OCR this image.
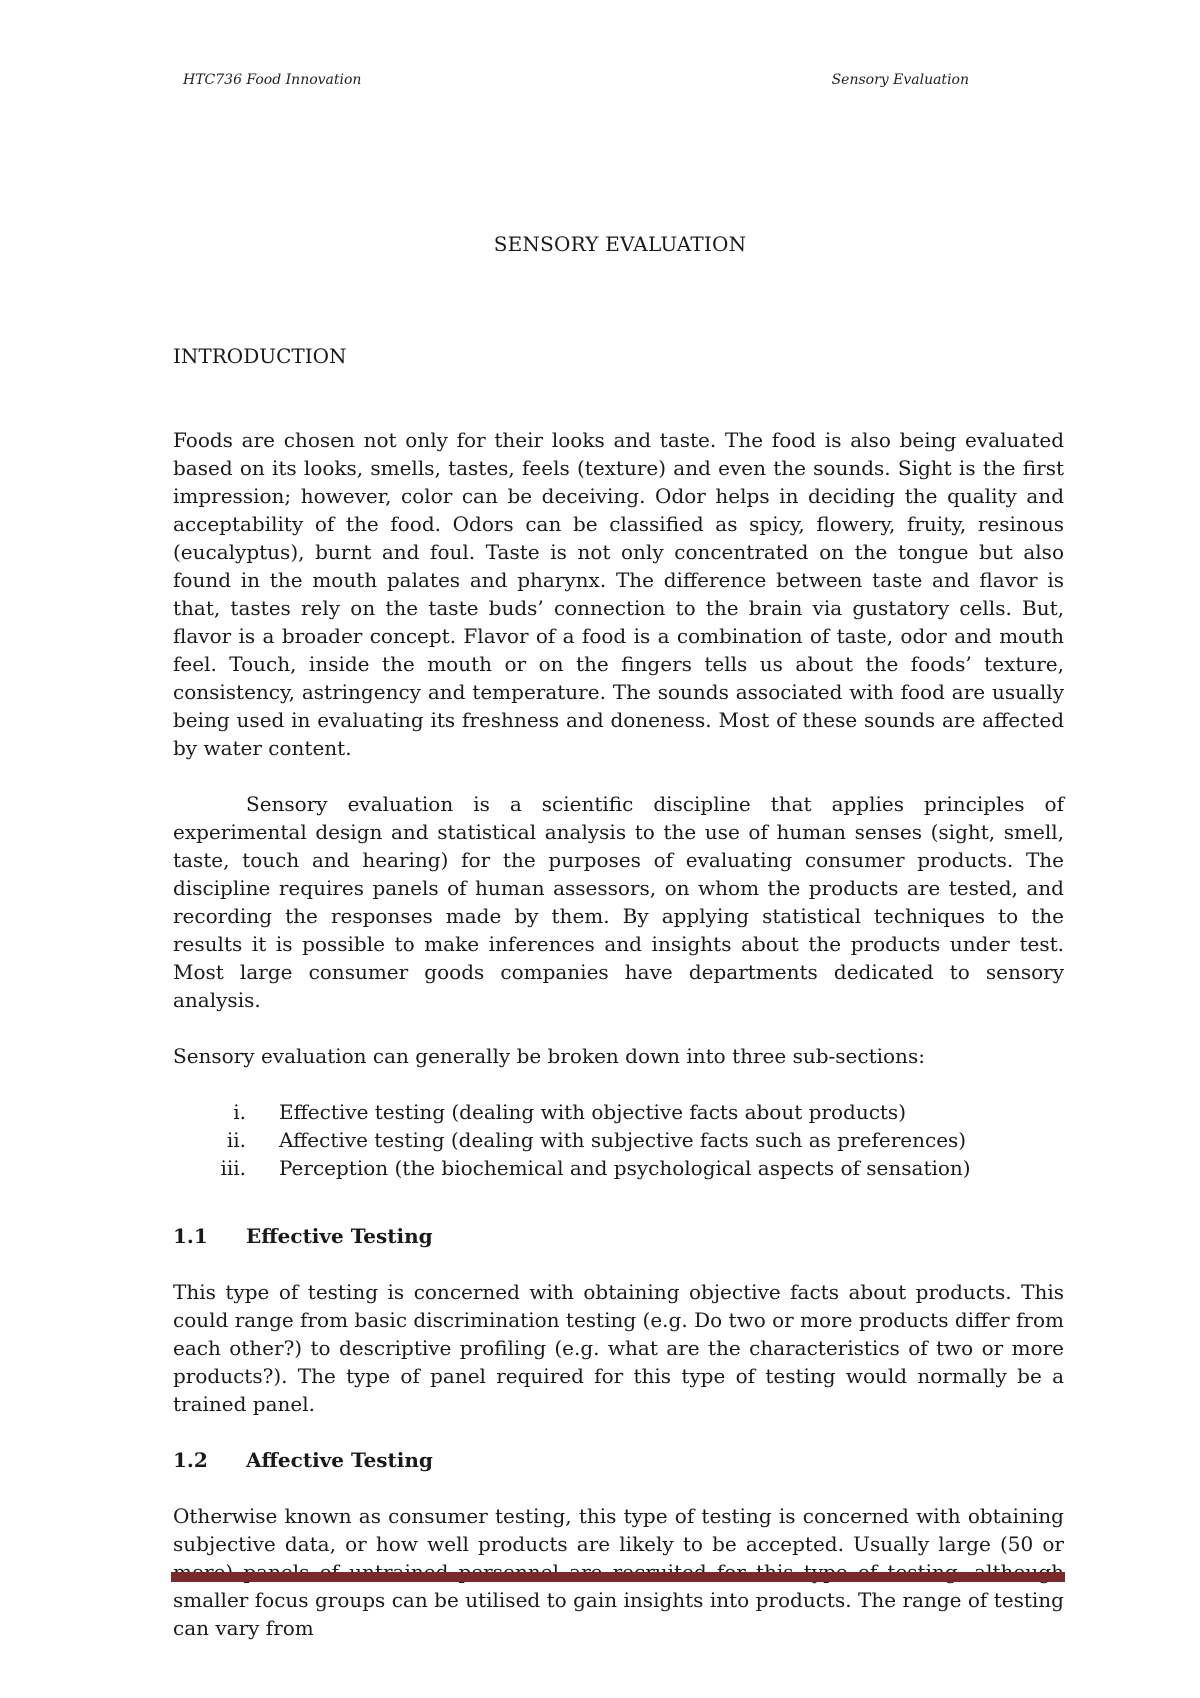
HTC736 Food Innovation	Sensory Evaluation
SENSORY EVALUATION
INTRODUCTION

Foods are chosen not only for their looks and taste. The food is also being evaluated based on its looks, smells, tastes, feels (texture) and even the sounds. Sight is the first impression; however, color can be deceiving. Odor helps in deciding the quality and acceptability of the food. Odors can be classified as spicy, flowery, fruity, resinous (eucalyptus), burnt and foul. Taste is not only concentrated on the tongue but also found in the mouth palates and pharynx. The difference between taste and flavor is that, tastes rely on the taste buds’ connection to the brain via gustatory cells. But, flavor is a broader concept. Flavor of a food is a combination of taste, odor and mouth feel. Touch, inside the mouth or on the fingers tells us about the foods’ texture, consistency, astringency and temperature. The sounds associated with food are usually being used in evaluating its freshness and doneness. Most of these sounds are affected by water content.

Sensory evaluation is a scientific discipline that applies principles of experimental design and statistical analysis to the use of human senses (sight, smell, taste, touch and hearing) for the purposes of evaluating consumer products. The discipline requires panels of human assessors, on whom the products are tested, and recording the responses made by them. By applying statistical techniques to the results it is possible to make inferences and insights about the products under test. Most large consumer goods companies have departments dedicated to sensory analysis.

Sensory evaluation can generally be broken down into three sub-sections:

i.	Effective testing (dealing with objective facts about products)
ii.	Affective testing (dealing with subjective facts such as preferences)
iii.	Perception (the biochemical and psychological aspects of sensation)
1.1	Effective Testing

This type of testing is concerned with obtaining objective facts about products. This could range from basic discrimination testing (e.g. Do two or more products differ from each other?) to descriptive profiling (e.g. what are the characteristics of two or more products?). The type of panel required for this type of testing would normally be a trained panel.

1.2	Affective Testing

Otherwise known as consumer testing, this type of testing is concerned with obtaining subjective data, or how well products are likely to be accepted. Usually large (50 or smaller focus groups can be utilised to gain insights into products. The range of testing can vary from
